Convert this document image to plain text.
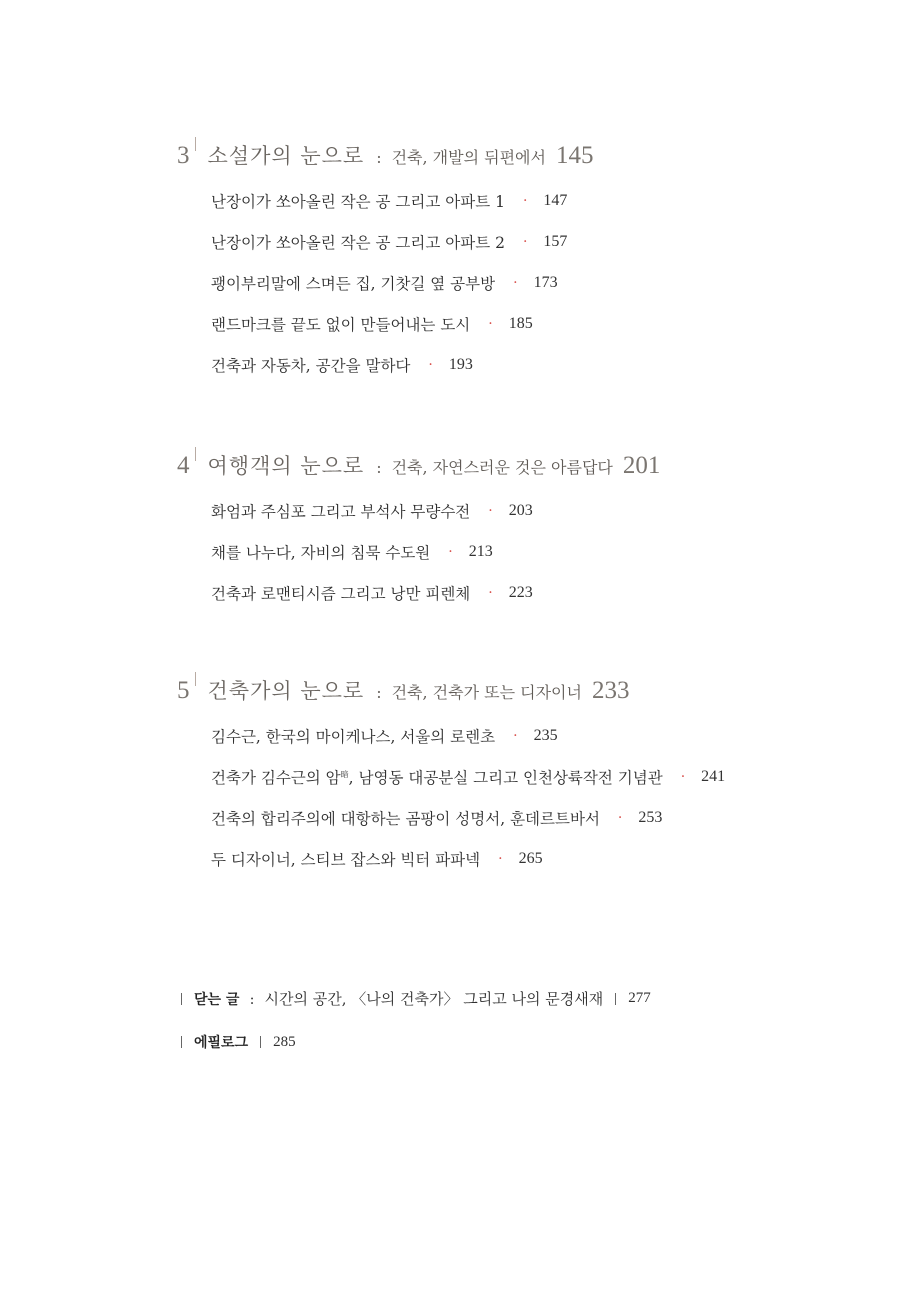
3 소설가의 눈으로 : 건축, 개발의 뒤편에서 145
난장이가 쏘아올린 작은 공 그리고 아파트 1 · 147
난장이가 쏘아올린 작은 공 그리고 아파트 2 · 157
괭이부리말에 스며든 집, 기찻길 옆 공부방 · 173
랜드마크를 끝도 없이 만들어내는 도시 · 185
건축과 자동차, 공간을 말하다 · 193
4 여행객의 눈으로 : 건축, 자연스러운 것은 아름답다 201
화엄과 주심포 그리고 부석사 무량수전 · 203
채를 나누다, 자비의 침묵 수도원 · 213
건축과 로맨티시즘 그리고 낭만 피렌체 · 223
5 건축가의 눈으로 : 건축, 건축가 또는 디자이너 233
김수근, 한국의 마이케나스, 서울의 로렌초 · 235
건축가 김수근의 암$^暗$, 남영동 대공분실 그리고 인천상륙작전 기념관 · 241
건축의 합리주의에 대항하는 곰팡이 성명서, 훈데르트바서 · 253
두 디자이너, 스티브 잡스와 빅터 파파넥 · 265
닫는 글 : 시간의 공간, 〈나의 건축가〉 그리고 나의 문경새재 277
에필로그 285
